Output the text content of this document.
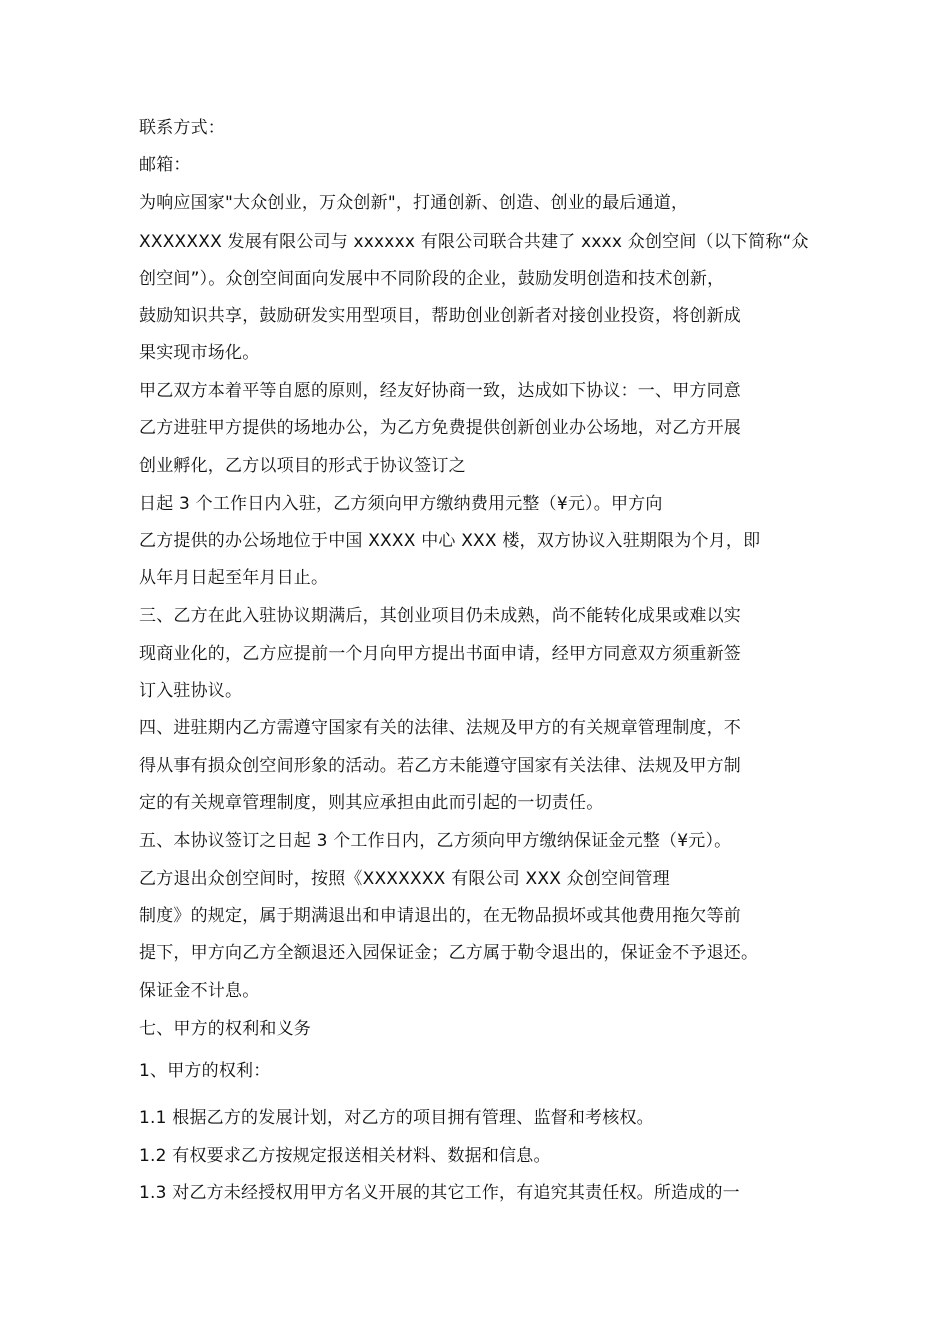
联系方式：
邮箱：
为响应国家"大众创业，万众创新"，打通创新、创造、创业的最后通道，
XXXXXXX 发展有限公司与 xxxxxx 有限公司联合共建了 xxxx 众创空间（以下简称“众
创空间”）。众创空间面向发展中不同阶段的企业，鼓励发明创造和技术创新，
鼓励知识共享，鼓励研发实用型项目，帮助创业创新者对接创业投资，将创新成
果实现市场化。
甲乙双方本着平等自愿的原则，经友好协商一致，达成如下协议：一、甲方同意
乙方进驻甲方提供的场地办公，为乙方免费提供创新创业办公场地，对乙方开展
创业孵化，乙方以项目的形式于协议签订之
日起 3 个工作日内入驻，乙方须向甲方缴纳费用元整（¥元）。甲方向
乙方提供的办公场地位于中国 XXXX 中心 XXX 楼，双方协议入驻期限为个月，即
从年月日起至年月日止。
三、乙方在此入驻协议期满后，其创业项目仍未成熟，尚不能转化成果或难以实
现商业化的，乙方应提前一个月向甲方提出书面申请，经甲方同意双方须重新签
订入驻协议。
四、进驻期内乙方需遵守国家有关的法律、法规及甲方的有关规章管理制度，不
得从事有损众创空间形象的活动。若乙方未能遵守国家有关法律、法规及甲方制
定的有关规章管理制度，则其应承担由此而引起的一切责任。
五、本协议签订之日起 3 个工作日内，乙方须向甲方缴纳保证金元整（¥元）。
乙方退出众创空间时，按照《XXXXXXX 有限公司 XXX 众创空间管理
制度》的规定，属于期满退出和申请退出的，在无物品损坏或其他费用拖欠等前
提下，甲方向乙方全额退还入园保证金；乙方属于勒令退出的，保证金不予退还。
保证金不计息。
七、甲方的权利和义务
1、甲方的权利：
1.1 根据乙方的发展计划，对乙方的项目拥有管理、监督和考核权。
1.2 有权要求乙方按规定报送相关材料、数据和信息。
1.3 对乙方未经授权用甲方名义开展的其它工作，有追究其责任权。所造成的一
